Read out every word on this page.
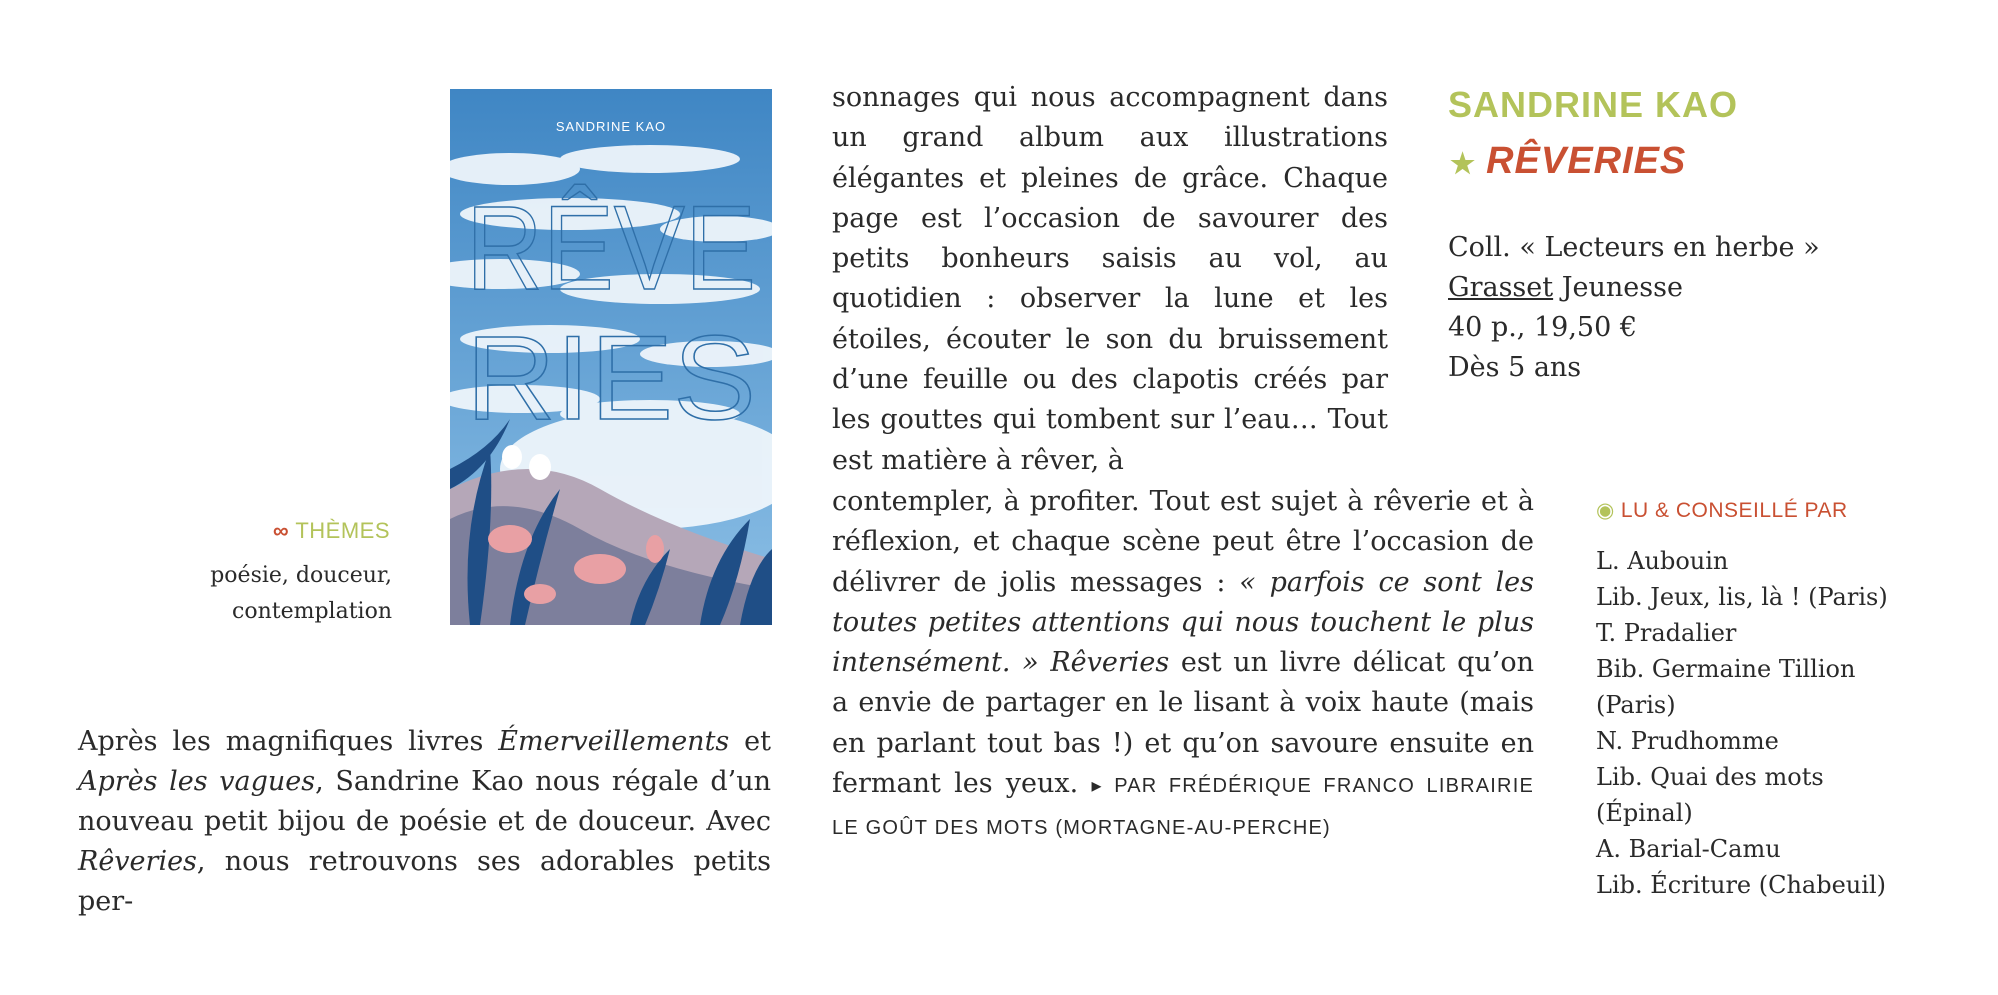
RÊVE
RIES
SANDRINE KAO
∞ THÈMES
poésie, douceur,
contemplation
Après les magnifiques livres Émerveillements et Après les vagues, Sandrine Kao nous régale d’un nouveau petit bijou de poésie et de douceur. Avec Rêveries, nous retrouvons ses adorables petits per-
sonnages qui nous accompagnent dans un grand album aux illustrations élégantes et pleines de grâce. Chaque page est l’occasion de savourer des petits bonheurs saisis au vol, au quotidien : observer la lune et les étoiles, écouter le son du bruissement d’une feuille ou des clapotis créés par les gouttes qui tombent sur l’eau… Tout est matière à rêver, à
contempler, à profiter. Tout est sujet à rêverie et à réflexion, et chaque scène peut être l’occasion de délivrer de jolis messages : « parfois ce sont les toutes petites attentions qui nous touchent le plus intensément. » Rêveries est un livre délicat qu’on a envie de partager en le lisant à voix haute (mais en parlant tout bas !) et qu’on savoure ensuite en fermant les yeux. ▸ PAR FRÉDÉRIQUE FRANCO LIBRAIRIE LE GOÛT DES MOTS (MORTAGNE-AU-PERCHE)
SANDRINE KAO
★ RÊVERIES
Coll. « Lecteurs en herbe »
Grasset Jeunesse
40 p., 19,50 €
Dès 5 ans
◉ LU & CONSEILLÉ PAR
L. Aubouin
Lib. Jeux, lis, là ! (Paris)
T. Pradalier
Bib. Germaine Tillion
(Paris)
N. Prudhomme
Lib. Quai des mots
(Épinal)
A. Barial-Camu
Lib. Écriture (Chabeuil)
